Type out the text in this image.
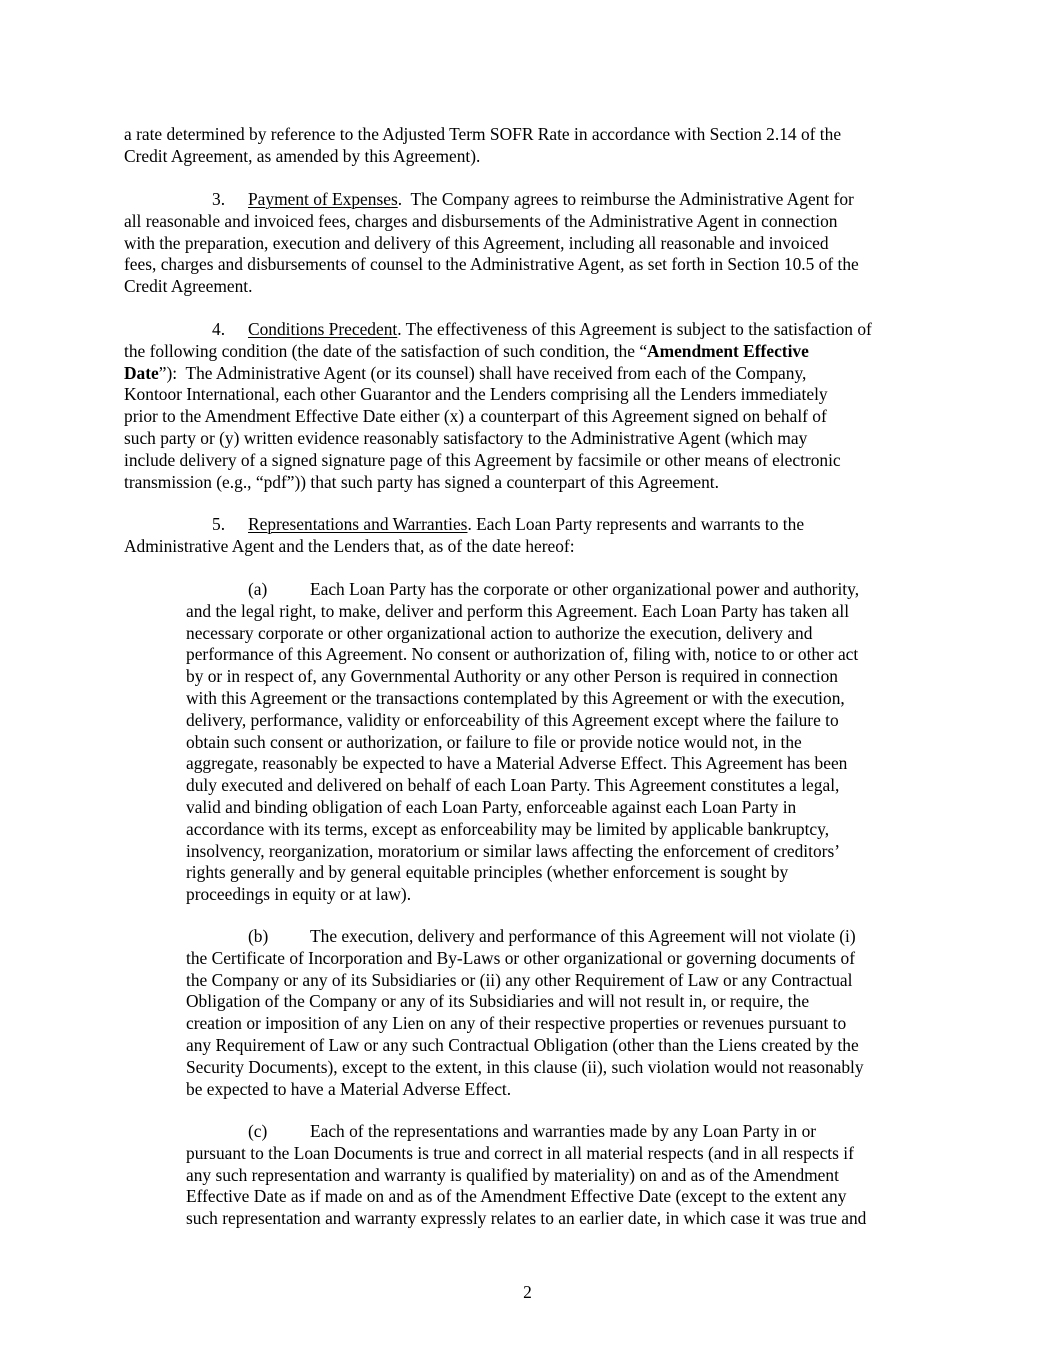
a rate determined by reference to the Adjusted Term SOFR Rate in accordance with Section 2.14 of the
Credit Agreement, as amended by this Agreement).
3. Payment of Expenses.  The Company agrees to reimburse the Administrative Agent for
all reasonable and invoiced fees, charges and disbursements of the Administrative Agent in connection
with the preparation, execution and delivery of this Agreement, including all reasonable and invoiced
fees, charges and disbursements of counsel to the Administrative Agent, as set forth in Section 10.5 of the
Credit Agreement.
4. Conditions Precedent. The effectiveness of this Agreement is subject to the satisfaction of
the following condition (the date of the satisfaction of such condition, the “Amendment Effective
Date”):  The Administrative Agent (or its counsel) shall have received from each of the Company,
Kontoor International, each other Guarantor and the Lenders comprising all the Lenders immediately
prior to the Amendment Effective Date either (x) a counterpart of this Agreement signed on behalf of
such party or (y) written evidence reasonably satisfactory to the Administrative Agent (which may
include delivery of a signed signature page of this Agreement by facsimile or other means of electronic
transmission (e.g., “pdf”)) that such party has signed a counterpart of this Agreement.
5. Representations and Warranties. Each Loan Party represents and warrants to the
Administrative Agent and the Lenders that, as of the date hereof:
(a) Each Loan Party has the corporate or other organizational power and authority,
and the legal right, to make, deliver and perform this Agreement. Each Loan Party has taken all
necessary corporate or other organizational action to authorize the execution, delivery and
performance of this Agreement. No consent or authorization of, filing with, notice to or other act
by or in respect of, any Governmental Authority or any other Person is required in connection
with this Agreement or the transactions contemplated by this Agreement or with the execution,
delivery, performance, validity or enforceability of this Agreement except where the failure to
obtain such consent or authorization, or failure to file or provide notice would not, in the
aggregate, reasonably be expected to have a Material Adverse Effect. This Agreement has been
duly executed and delivered on behalf of each Loan Party. This Agreement constitutes a legal,
valid and binding obligation of each Loan Party, enforceable against each Loan Party in
accordance with its terms, except as enforceability may be limited by applicable bankruptcy,
insolvency, reorganization, moratorium or similar laws affecting the enforcement of creditors’
rights generally and by general equitable principles (whether enforcement is sought by
proceedings in equity or at law).
(b) The execution, delivery and performance of this Agreement will not violate (i)
the Certificate of Incorporation and By-Laws or other organizational or governing documents of
the Company or any of its Subsidiaries or (ii) any other Requirement of Law or any Contractual
Obligation of the Company or any of its Subsidiaries and will not result in, or require, the
creation or imposition of any Lien on any of their respective properties or revenues pursuant to
any Requirement of Law or any such Contractual Obligation (other than the Liens created by the
Security Documents), except to the extent, in this clause (ii), such violation would not reasonably
be expected to have a Material Adverse Effect.
(c) Each of the representations and warranties made by any Loan Party in or
pursuant to the Loan Documents is true and correct in all material respects (and in all respects if
any such representation and warranty is qualified by materiality) on and as of the Amendment
Effective Date as if made on and as of the Amendment Effective Date (except to the extent any
such representation and warranty expressly relates to an earlier date, in which case it was true and
2
